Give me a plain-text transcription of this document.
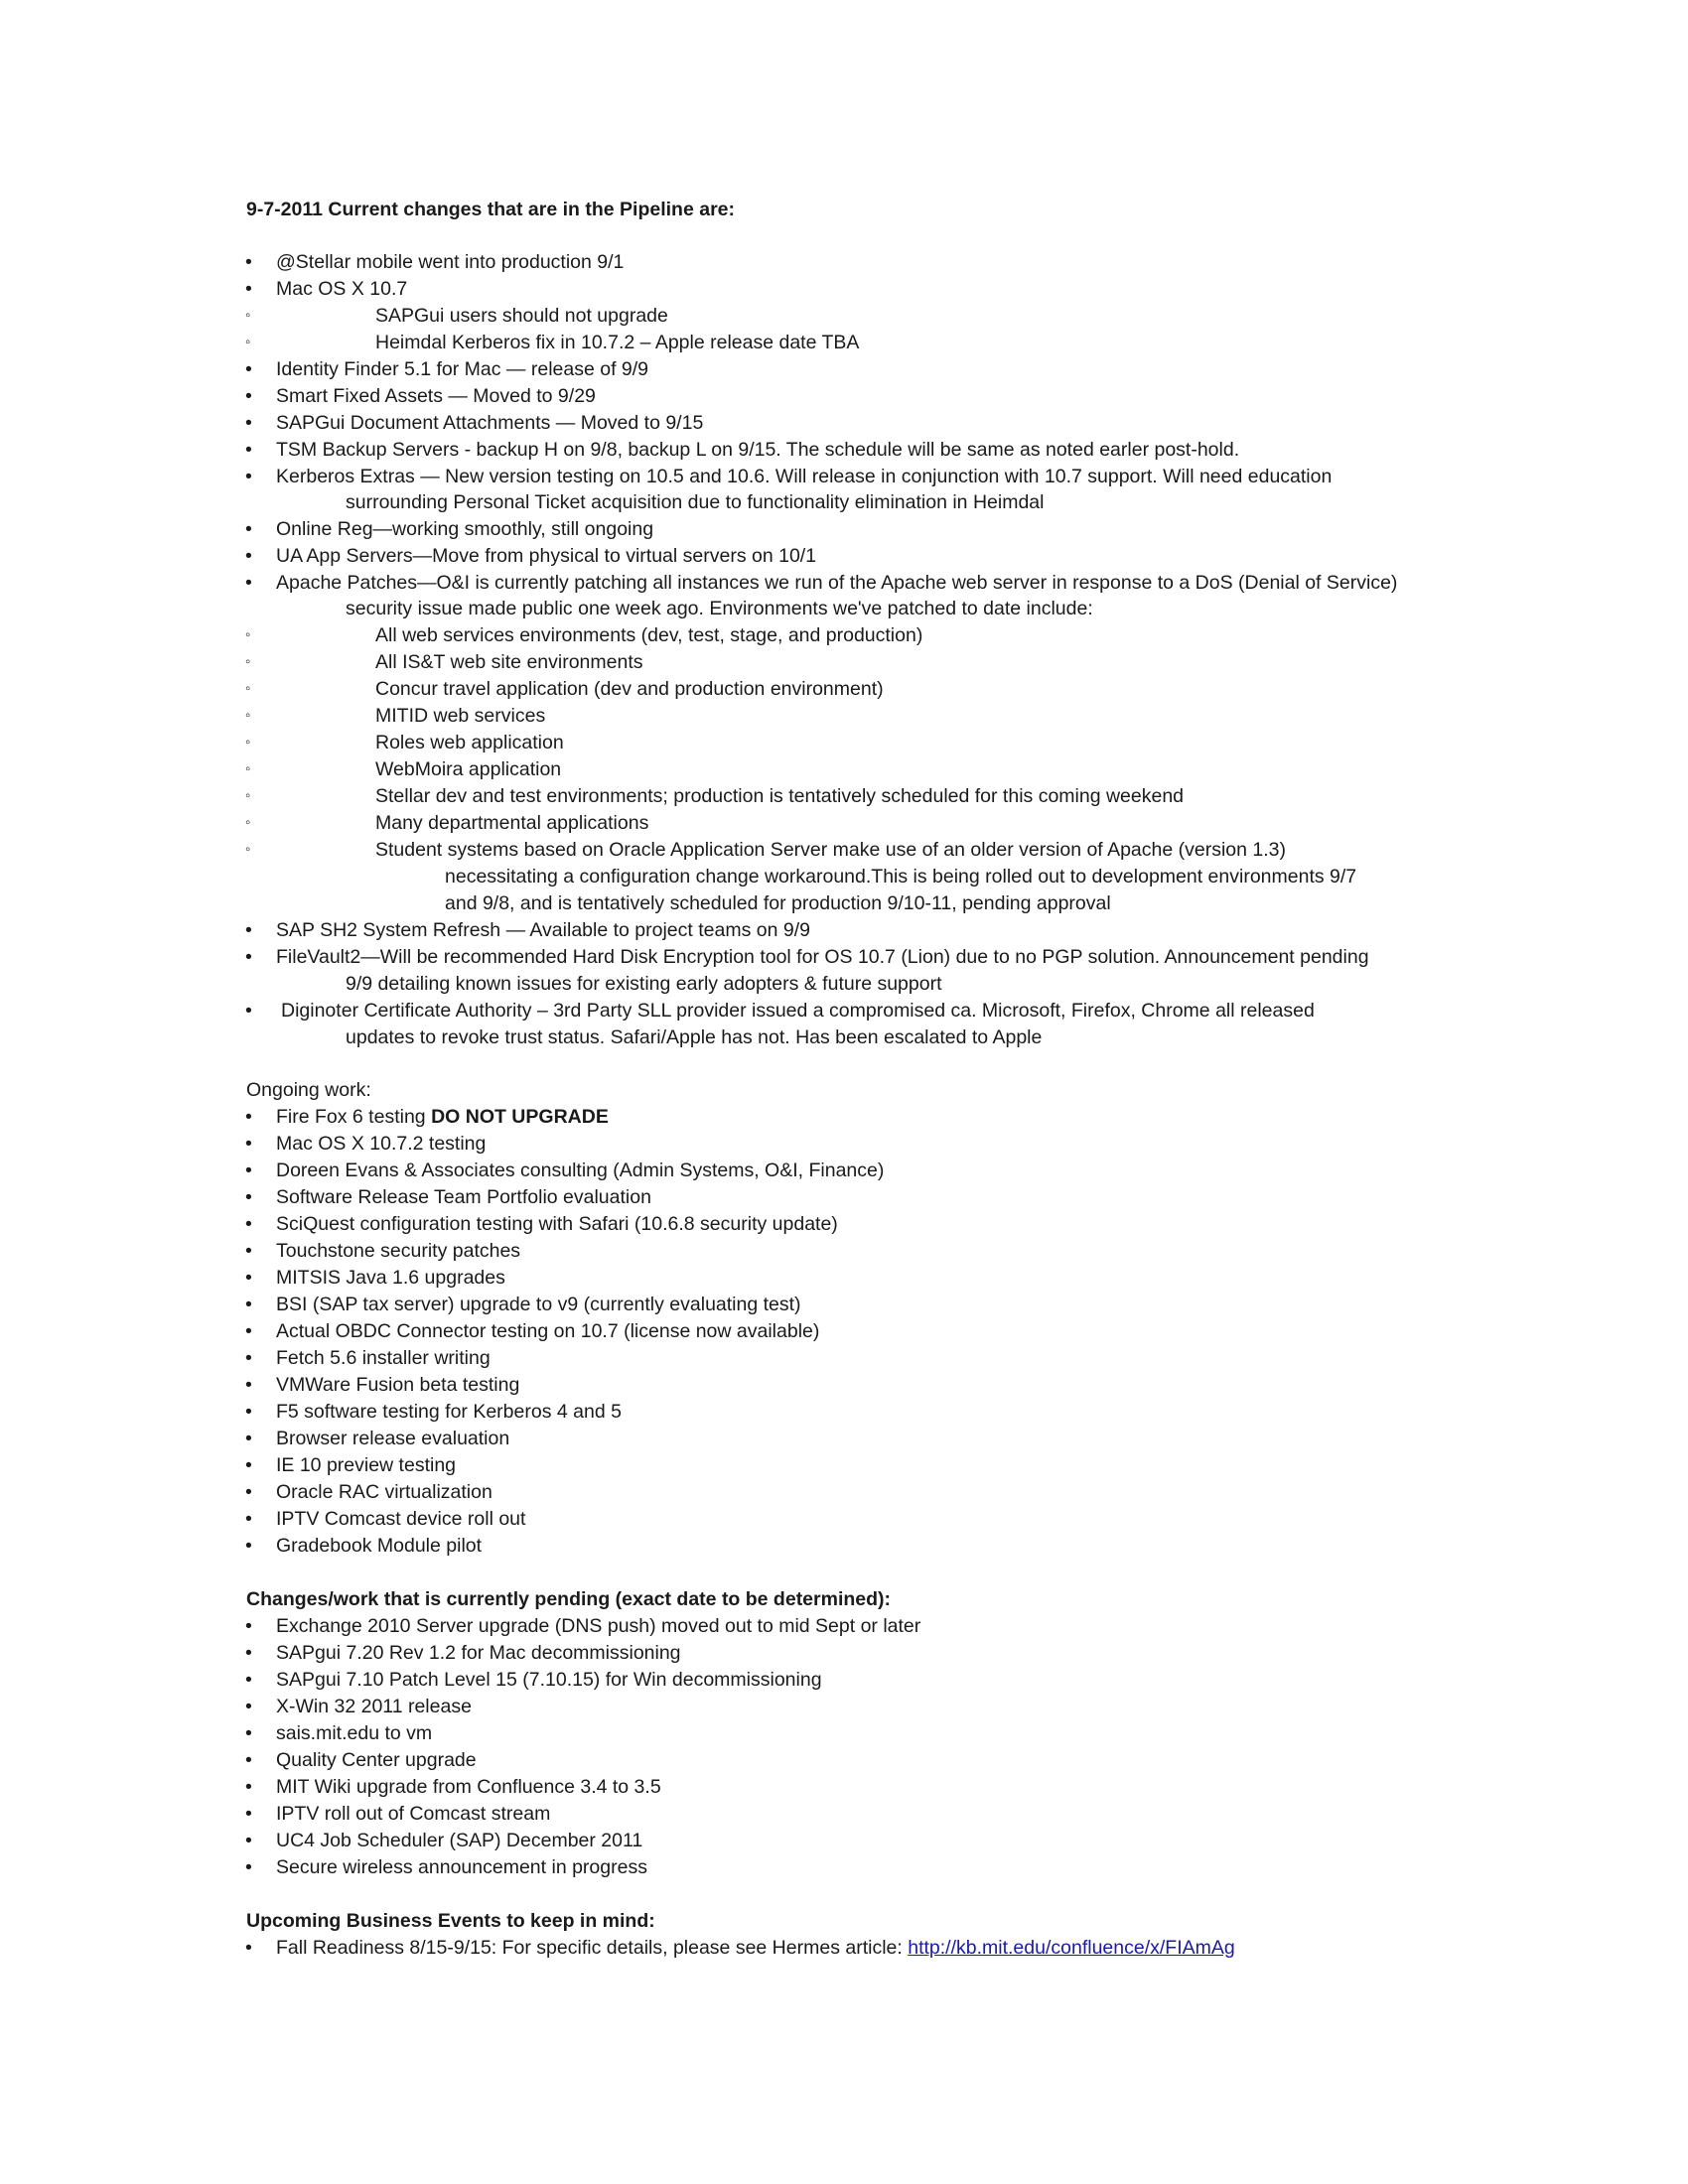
9-7-2011 Current changes that are in the Pipeline are:
• @Stellar mobile went into production 9/1
• Mac OS X 10.7
◦	SAPGui users should not upgrade
◦	Heimdal Kerberos fix in 10.7.2 – Apple release date TBA
• Identity Finder 5.1 for Mac — release of 9/9
• Smart Fixed Assets — Moved to 9/29
• SAPGui Document Attachments — Moved to 9/15
• TSM Backup Servers - backup H on 9/8, backup L on 9/15. The schedule will be same as noted earler post-hold.
• Kerberos Extras — New version testing on 10.5 and 10.6. Will release in conjunction with 10.7 support. Will need education
surrounding Personal Ticket acquisition due to functionality elimination in Heimdal
• Online Reg—working smoothly, still ongoing
• UA App Servers—Move from physical to virtual servers on 10/1
• Apache Patches—O&I is currently patching all instances we run of the Apache web server in response to a DoS (Denial of Service)
security issue made public one week ago. Environments we've patched to date include:
◦	All web services environments (dev, test, stage, and production)
◦	All IS&T web site environments
◦	Concur travel application (dev and production environment)
◦	MITID web services
◦	Roles web application
◦	WebMoira application
◦	Stellar dev and test environments; production is tentatively scheduled for this coming weekend
◦	Many departmental applications
◦	Student systems based on Oracle Application Server make use of an older version of Apache (version 1.3)
necessitating a configuration change workaround.This is being rolled out to development environments 9/7
and 9/8, and is tentatively scheduled for production 9/10-11, pending approval
• SAP SH2 System Refresh — Available to project teams on 9/9
• FileVault2—Will be recommended Hard Disk Encryption tool for OS 10.7 (Lion) due to no PGP solution. Announcement pending
9/9 detailing known issues for existing early adopters & future support
• Diginoter Certificate Authority – 3rd Party SLL provider issued a compromised ca. Microsoft, Firefox, Chrome all released
updates to revoke trust status. Safari/Apple has not. Has been escalated to Apple
Ongoing work:
• Fire Fox 6 testing DO NOT UPGRADE
• Mac OS X 10.7.2 testing
• Doreen Evans & Associates consulting (Admin Systems, O&I, Finance)
• Software Release Team Portfolio evaluation
• SciQuest configuration testing with Safari (10.6.8 security update)
• Touchstone security patches
• MITSIS Java 1.6 upgrades
• BSI (SAP tax server) upgrade to v9 (currently evaluating test)
• Actual OBDC Connector testing on 10.7 (license now available)
• Fetch 5.6 installer writing
• VMWare Fusion beta testing
• F5 software testing for Kerberos 4 and 5
• Browser release evaluation
• IE 10 preview testing
• Oracle RAC virtualization
• IPTV Comcast device roll out
• Gradebook Module pilot
Changes/work that is currently pending (exact date to be determined):
• Exchange 2010 Server upgrade (DNS push) moved out to mid Sept or later
• SAPgui 7.20 Rev 1.2 for Mac decommissioning
• SAPgui 7.10 Patch Level 15 (7.10.15) for Win decommissioning
• X-Win 32 2011 release
• sais.mit.edu to vm
• Quality Center upgrade
• MIT Wiki upgrade from Confluence 3.4 to 3.5
• IPTV roll out of Comcast stream
• UC4 Job Scheduler (SAP) December 2011
• Secure wireless announcement in progress
Upcoming Business Events to keep in mind:
• Fall Readiness 8/15-9/15: For specific details, please see Hermes article: http://kb.mit.edu/confluence/x/FIAmAg
